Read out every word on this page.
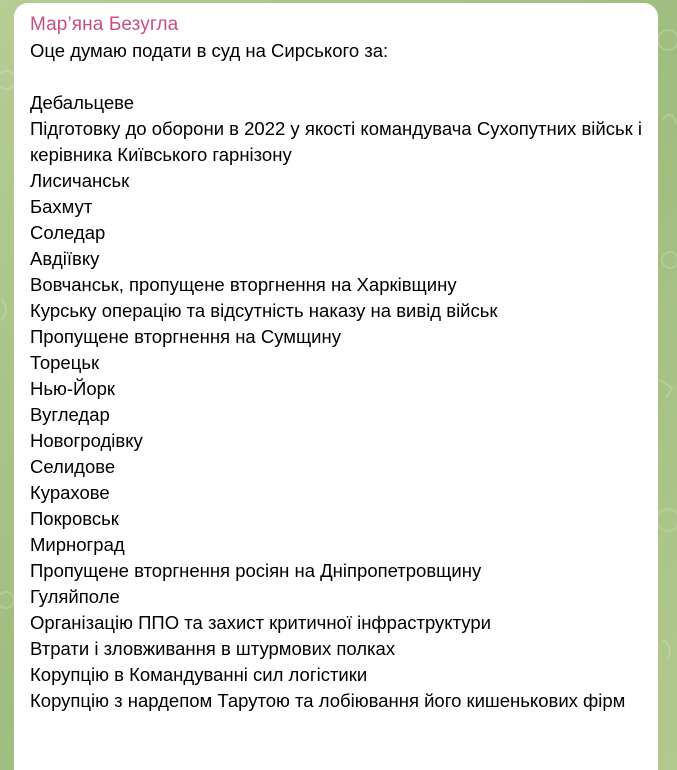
Мар’яна Безугла
Оце думаю подати в суд на Сирського за:
Дебальцеве
Підготовку до оборони в 2022 у якості командувача Сухопутних військ і керівника Київського гарнізону
Лисичанськ
Бахмут
Соледар
Авдіївку
Вовчанськ, пропущене вторгнення на Харківщину
Курську операцію та відсутність наказу на вивід військ
Пропущене вторгнення на Сумщину
Торецьк
Нью-Йорк
Вугледар
Новогродівку
Селидове
Курахове
Покровськ
Мирноград
Пропущене вторгнення росіян на Дніпропетровщину
Гуляйполе
Організацію ППО та захист критичної інфраструктури
Втрати і зловживання в штурмових полках
Корупцію в Командуванні сил логістики
Корупцію з нардепом Тарутою та лобіювання його кишенькових фірм
